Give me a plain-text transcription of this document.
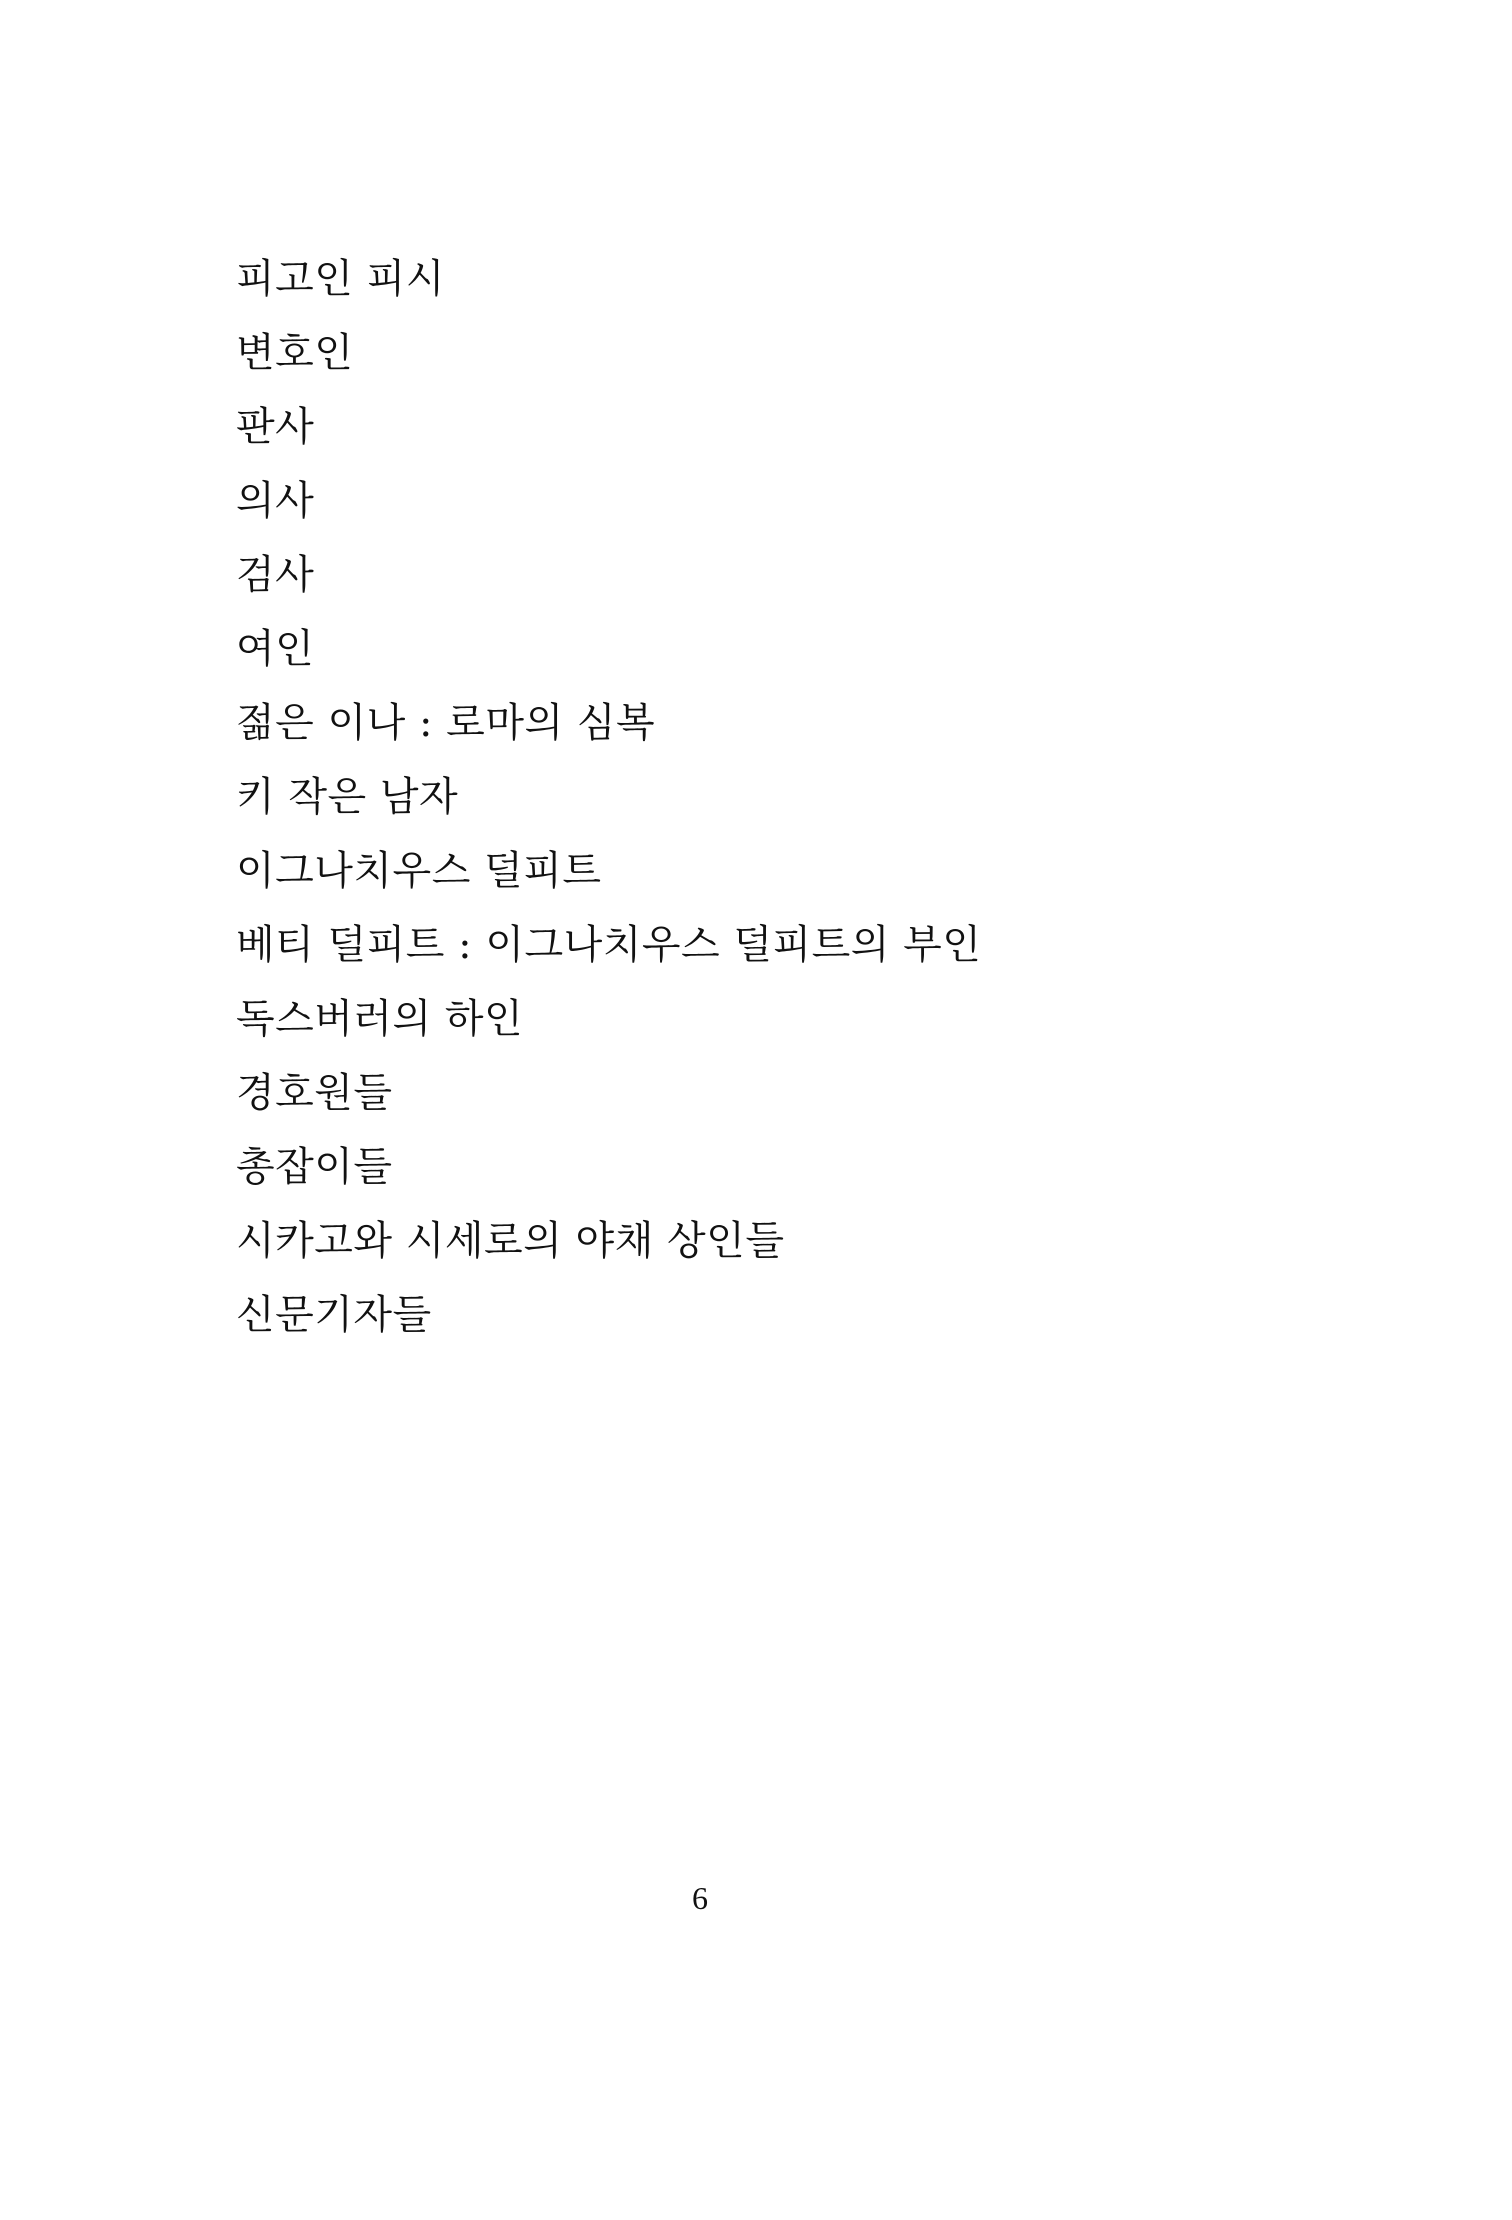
피고인 피시
변호인
판사
의사
검사
여인
젊은 이나 : 로마의 심복
키 작은 남자
이그나치우스 덜피트
베티 덜피트 : 이그나치우스 덜피트의 부인
독스버러의 하인
경호원들
총잡이들
시카고와 시세로의 야채 상인들
신문기자들
6
